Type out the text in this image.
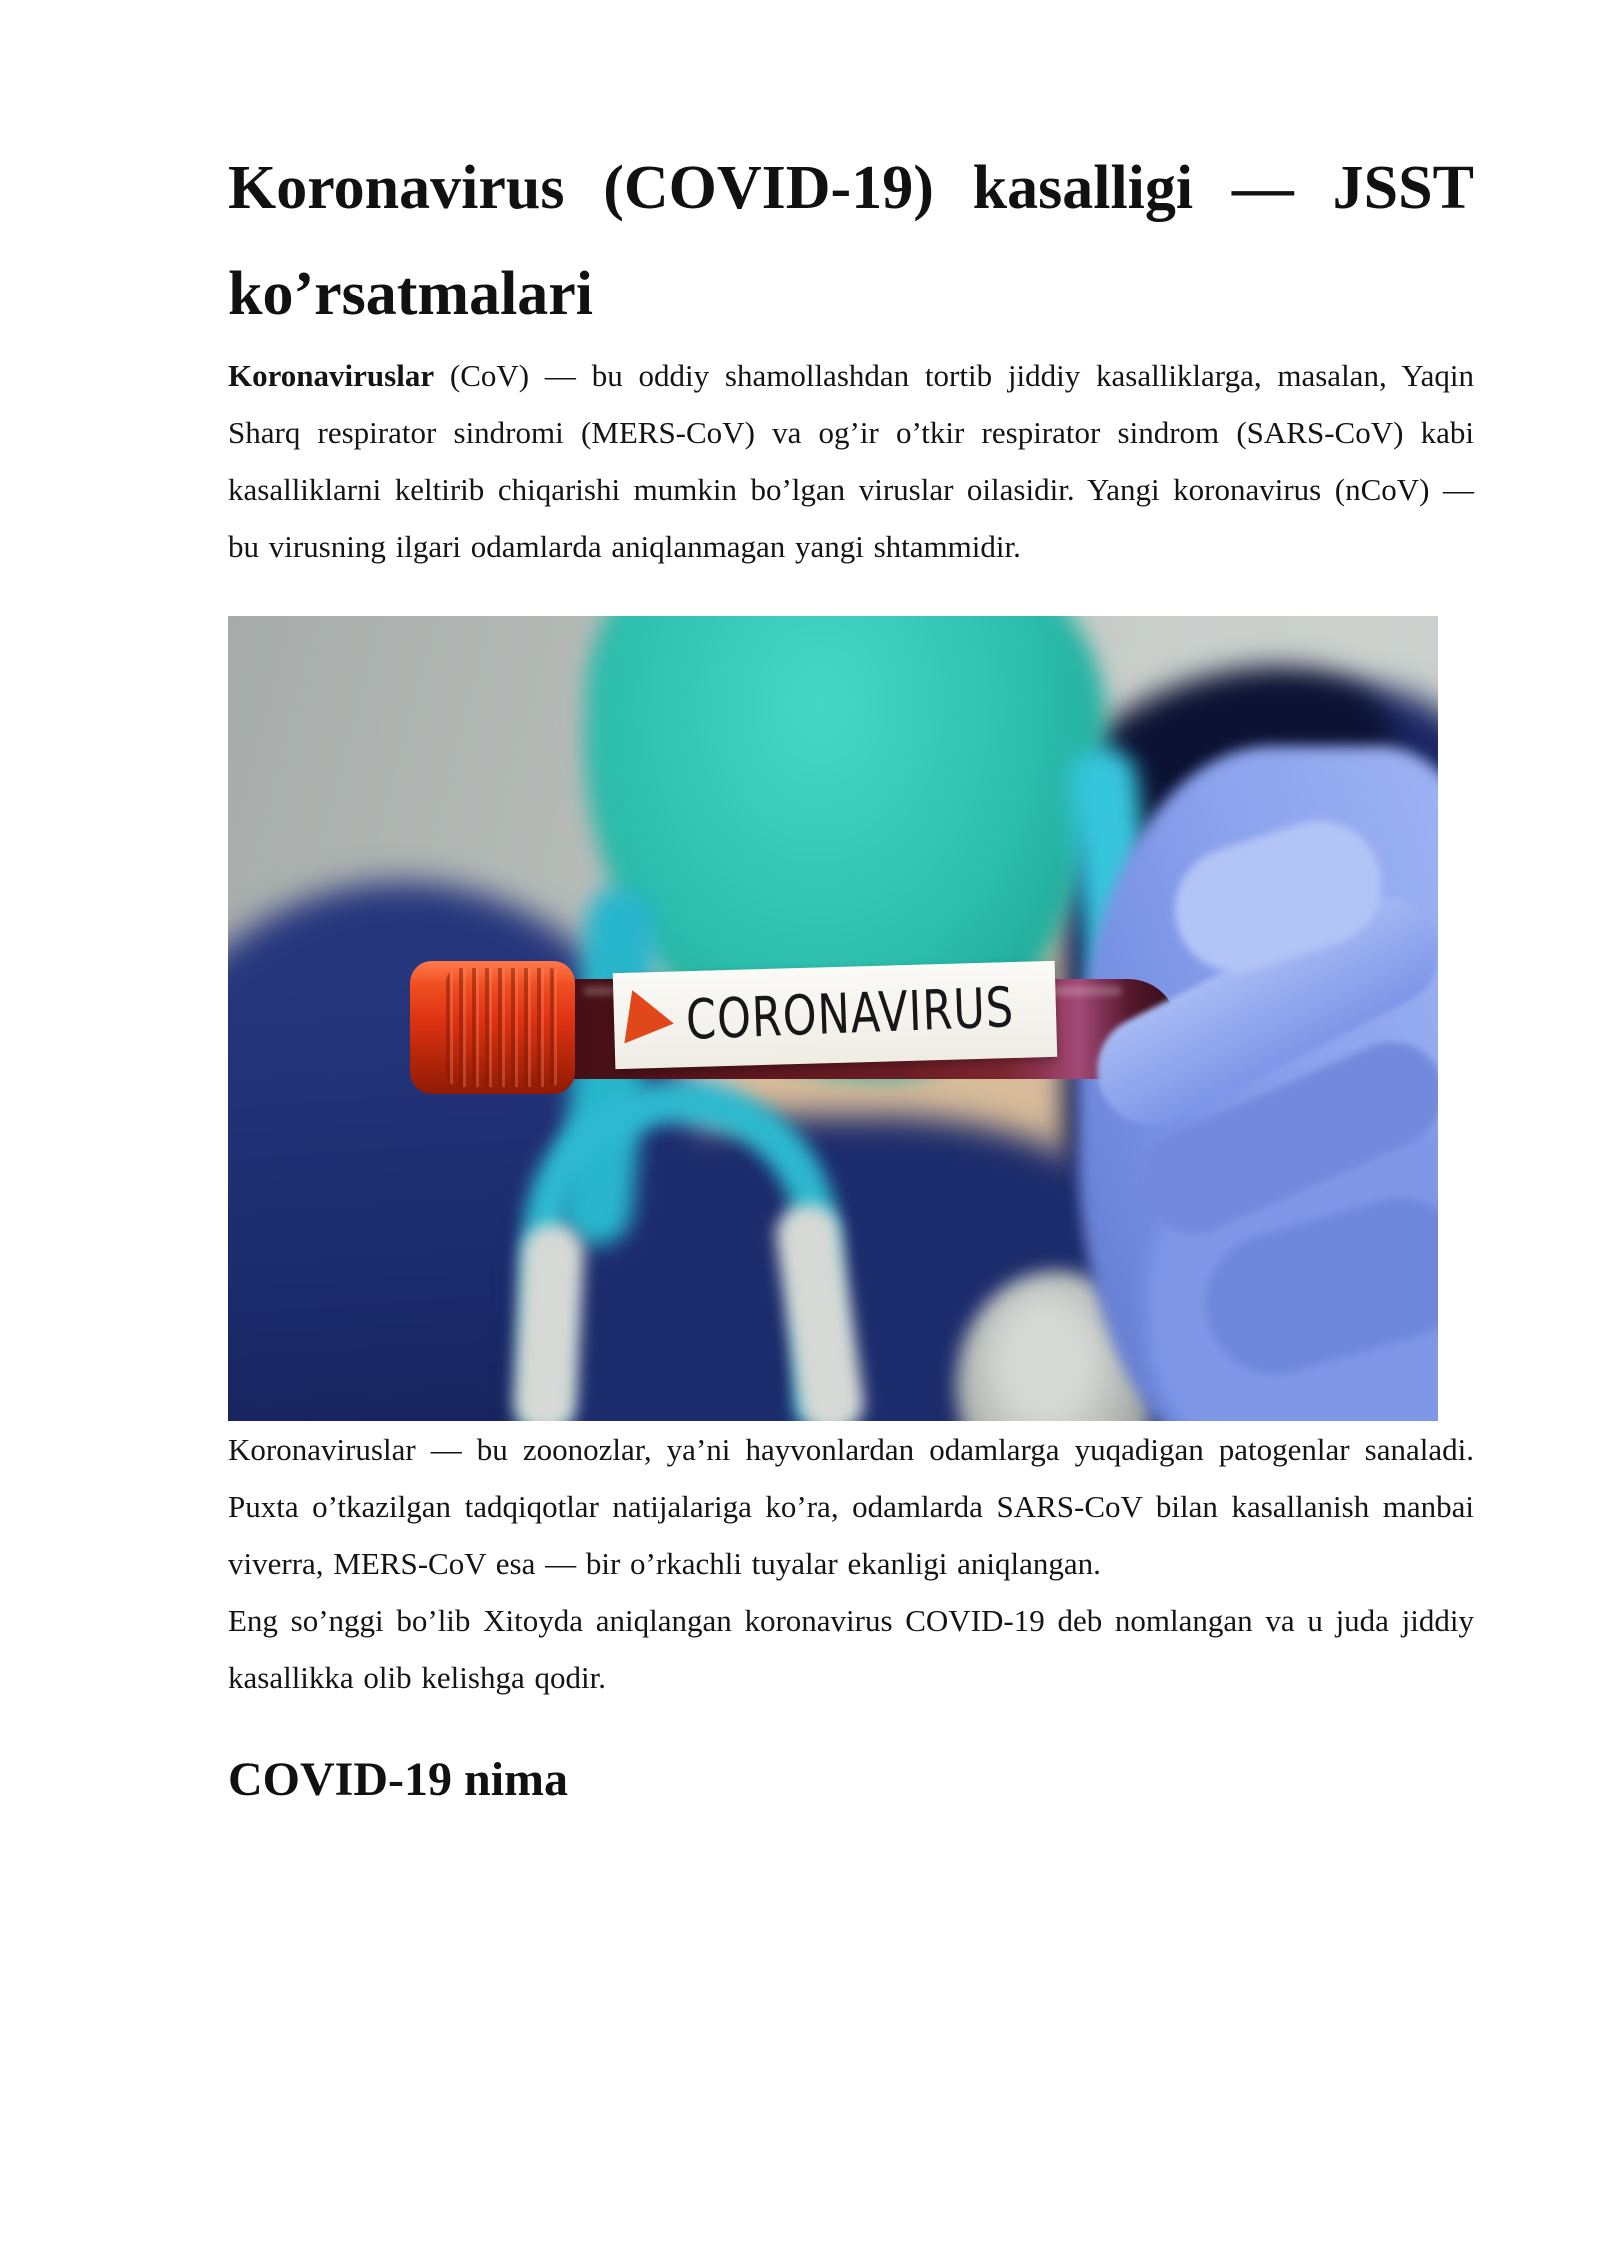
Koronavirus (COVID-19) kasalligi — JSST
ko’rsatmalari

Koronaviruslar (CoV) — bu oddiy shamollashdan tortib jiddiy kasalliklarga, masalan, Yaqin Sharq respirator sindromi (MERS-CoV) va og’ir o’tkir respirator sindrom (SARS-CoV) kabi kasalliklarni keltirib chiqarishi mumkin bo’lgan viruslar oilasidir. Yangi koronavirus (nCoV) — bu virusning ilgari odamlarda aniqlanmagan yangi shtammidir.

CORONAVIRUS

Koronaviruslar — bu zoonozlar, ya’ni hayvonlardan odamlarga yuqadigan patogenlar sanaladi. Puxta o’tkazilgan tadqiqotlar natijalariga ko’ra, odamlarda SARS-CoV bilan kasallanish manbai viverra, MERS-CoV esa — bir o’rkachli tuyalar ekanligi aniqlangan.

Eng so’nggi bo’lib Xitoyda aniqlangan koronavirus COVID-19 deb nomlangan va u juda jiddiy kasallikka olib kelishga qodir.

COVID-19 nima
